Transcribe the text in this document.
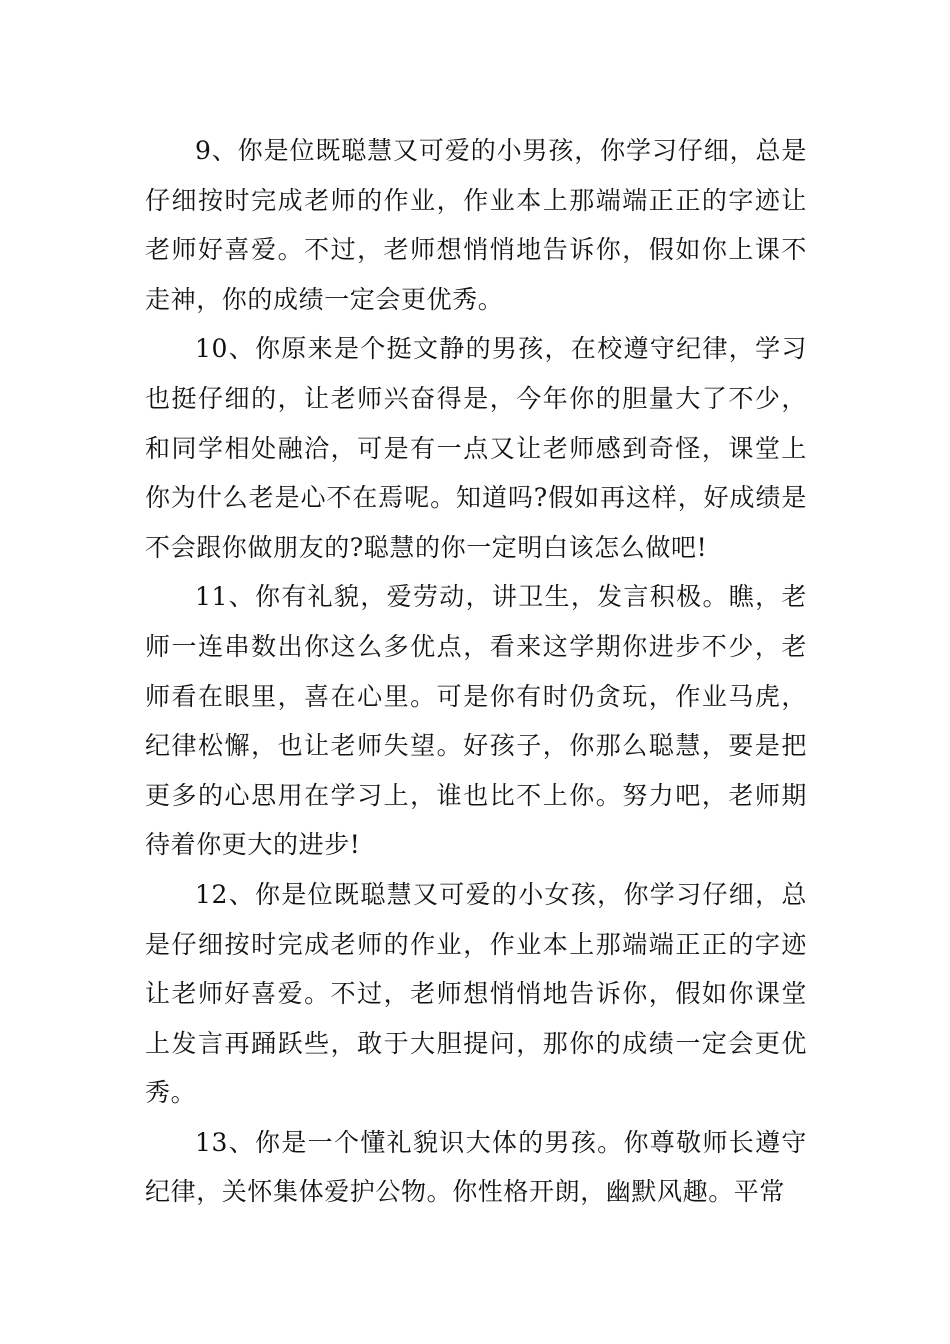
9、你是位既聪慧又可爱的小男孩，你学习仔细，总是仔细按时完成老师的作业，作业本上那端端正正的字迹让老师好喜爱。不过，老师想悄悄地告诉你，假如你上课不走神，你的成绩一定会更优秀。

10、你原来是个挺文静的男孩，在校遵守纪律，学习也挺仔细的，让老师兴奋得是，今年你的胆量大了不少，和同学相处融洽，可是有一点又让老师感到奇怪，课堂上你为什么老是心不在焉呢。知道吗?假如再这样，好成绩是不会跟你做朋友的?聪慧的你一定明白该怎么做吧!

11、你有礼貌，爱劳动，讲卫生，发言积极。瞧，老师一连串数出你这么多优点，看来这学期你进步不少，老师看在眼里，喜在心里。可是你有时仍贪玩，作业马虎，纪律松懈，也让老师失望。好孩子，你那么聪慧，要是把更多的心思用在学习上，谁也比不上你。努力吧，老师期待着你更大的进步!

12、你是位既聪慧又可爱的小女孩，你学习仔细，总是仔细按时完成老师的作业，作业本上那端端正正的字迹让老师好喜爱。不过，老师想悄悄地告诉你，假如你课堂上发言再踊跃些，敢于大胆提问，那你的成绩一定会更优秀。

13、你是一个懂礼貌识大体的男孩。你尊敬师长遵守纪律，关怀集体爱护公物。你性格开朗，幽默风趣。平常
